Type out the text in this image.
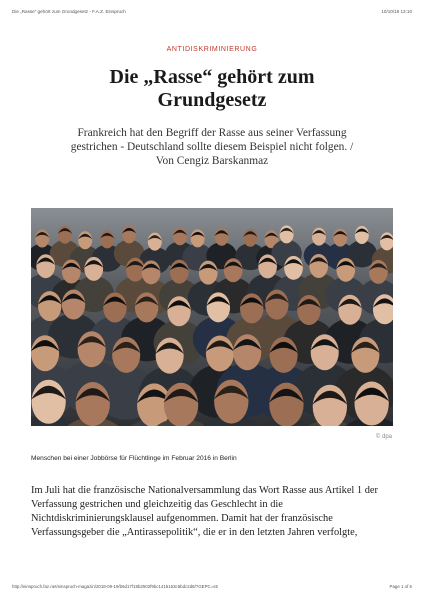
Die „Rasse“ gehört zum Grundgesetz - F.A.Z. Einspruch	10/10/18 13:10
ANTIDISKRIMINIERUNG
Die „Rasse“ gehört zum Grundgesetz

Frankreich hat den Begriff der Rasse aus seiner Verfassung gestrichen - Deutschland sollte diesem Beispiel nicht folgen. / Von Cengiz Barskanmaz

© dpa
Menschen bei einer Jobbörse für Flüchtlinge im Februar 2016 in Berlin

Im Juli hat die französische Nationalversammlung das Wort Rasse aus Artikel 1 der Verfassung gestrichen und gleichzeitig das Geschlecht in die Nichtdiskriminierungsklausel aufgenommen. Damit hat der französische Verfassungsgeber die „Antirassepolitik“, die er in den letzten Jahren verfolgte,

http://einspruch.faz.net/einspruch-magazin/2018-09-19/b6d17f19b2502f9bc1415153c6bdc2d8/?GEPC=s5	Page 1 of 6
